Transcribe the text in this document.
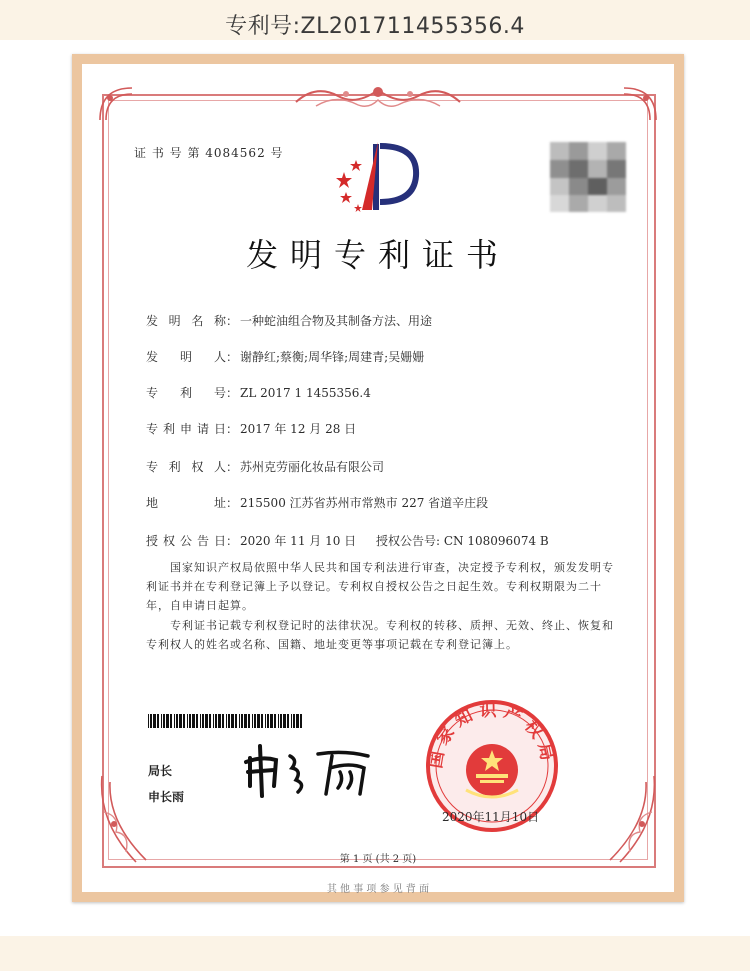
专利号:ZL201711455356.4
证 书 号 第 4084562 号
发明专利证书
发 明 名 称： 一种蛇油组合物及其制备方法、用途
发 明 人： 谢静红;蔡衡;周华锋;周建青;吴姗姗
专 利 号： ZL 2017 1 1455356.4
专利申请日： 2017 年 12 月 28 日
专 利 权 人： 苏州克劳丽化妆品有限公司
地 址： 215500 江苏省苏州市常熟市 227 省道辛庄段
授权公告日： 2020 年 11 月 10 日 授权公告号: CN 108096074 B
国家知识产权局依照中华人民共和国专利法进行审查，决定授予专利权，颁发发明专利证书并在专利登记簿上予以登记。专利权自授权公告之日起生效。专利权期限为二十年，自申请日起算。
专利证书记载专利权登记时的法律状况。专利权的转移、质押、无效、终止、恢复和专利权人的姓名或名称、国籍、地址变更等事项记载在专利登记簿上。
局长
申长雨
国家知识产权局
2020年11月10日
第 1 页 (共 2 页)
其 他 事 项 参 见 背 面
